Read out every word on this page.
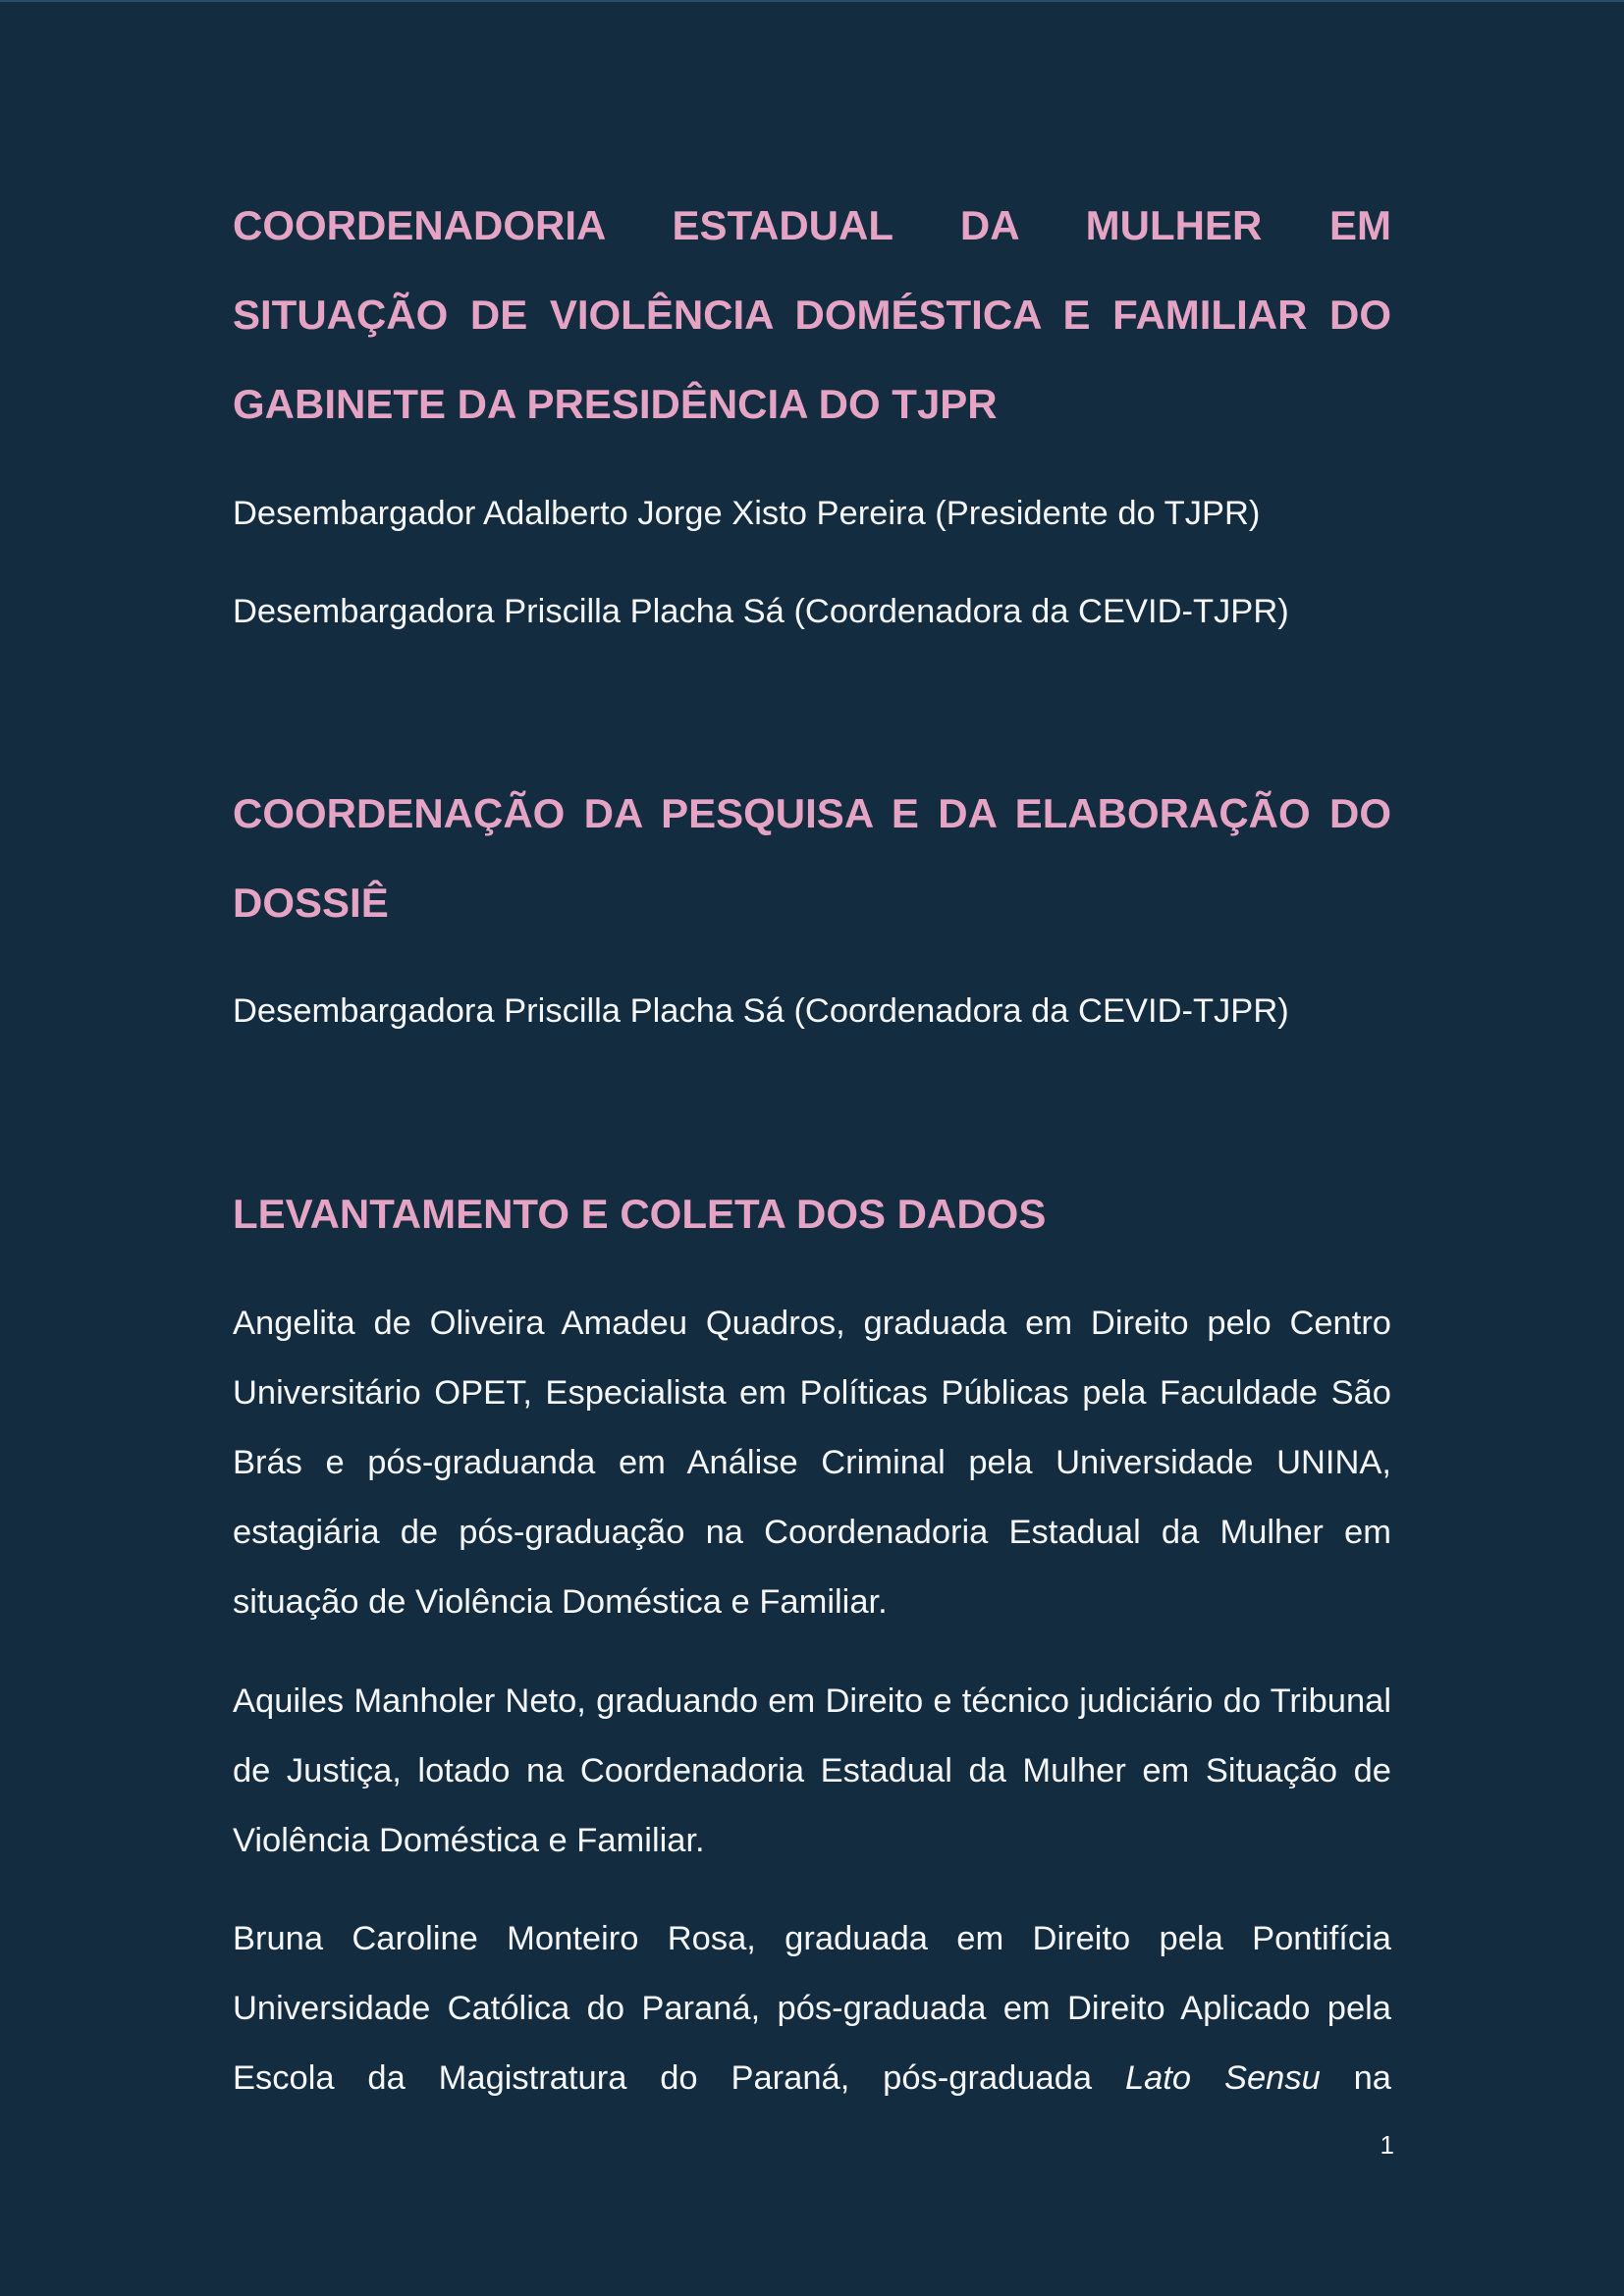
COORDENADORIA ESTADUAL DA MULHER EM SITUAÇÃO DE VIOLÊNCIA DOMÉSTICA E FAMILIAR DO GABINETE DA PRESIDÊNCIA DO TJPR

Desembargador Adalberto Jorge Xisto Pereira (Presidente do TJPR)

Desembargadora Priscilla Placha Sá (Coordenadora da CEVID-TJPR)

COORDENAÇÃO DA PESQUISA E DA ELABORAÇÃO DO DOSSIÊ

Desembargadora Priscilla Placha Sá (Coordenadora da CEVID-TJPR)

LEVANTAMENTO E COLETA DOS DADOS

Angelita de Oliveira Amadeu Quadros, graduada em Direito pelo Centro Universitário OPET, Especialista em Políticas Públicas pela Faculdade São Brás e pós-graduanda em Análise Criminal pela Universidade UNINA, estagiária de pós-graduação na Coordenadoria Estadual da Mulher em situação de Violência Doméstica e Familiar.

Aquiles Manholer Neto, graduando em Direito e técnico judiciário do Tribunal de Justiça, lotado na Coordenadoria Estadual da Mulher em Situação de Violência Doméstica e Familiar.

Bruna Caroline Monteiro Rosa, graduada em Direito pela Pontifícia Universidade Católica do Paraná, pós-graduada em Direito Aplicado pela Escola da Magistratura do Paraná, pós-graduada Lato Sensu na

1
